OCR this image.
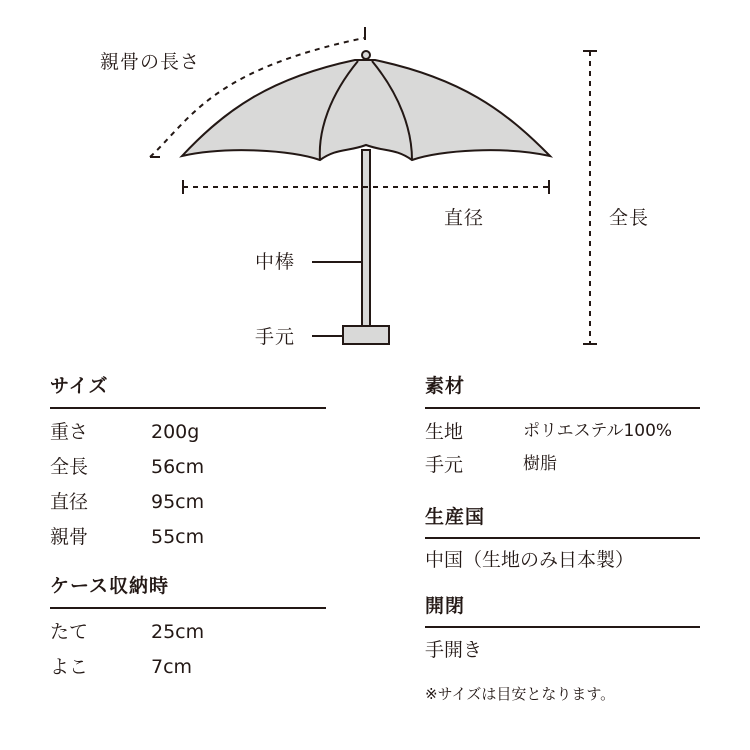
親骨の長さ
直径	全長
中棒
手元
サイズ
重さ	200g
全長	56cm
直径	95cm
親骨	55cm
ケース収納時
たて	25cm
よこ	7cm
素材
生地	ポリエステル100%
手元	樹脂
生産国
中国（生地のみ日本製）
開閉
手開き
※サイズは目安となります。
